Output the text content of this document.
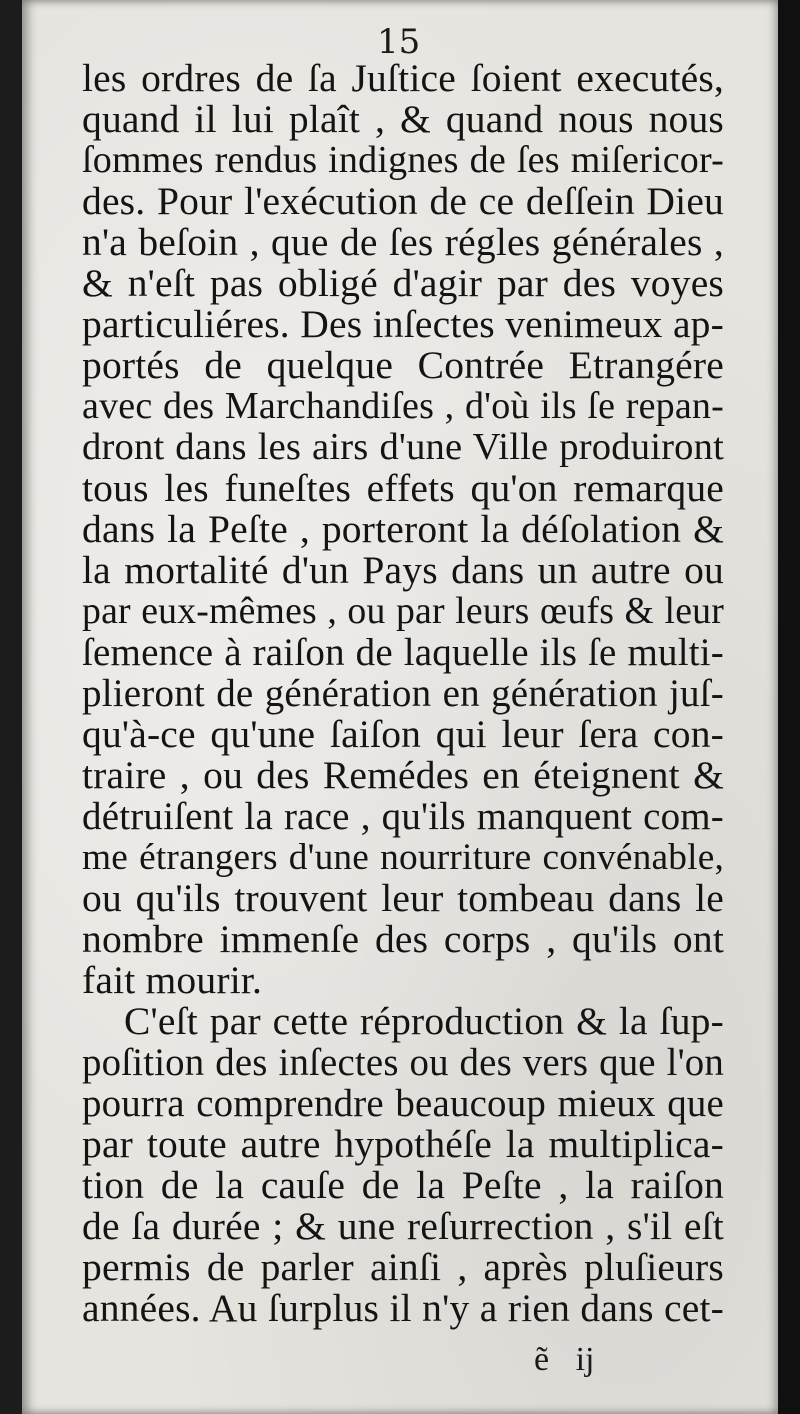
15
les ordres de ſa Juſtice ſoient executés,
quand il lui plaît , & quand nous nous
ſommes rendus indignes de ſes miſericor-
des. Pour l'exécution de ce deſſein Dieu
n'a beſoin , que de ſes régles générales ,
& n'eſt pas obligé d'agir par des voyes
particuliéres. Des inſectes venimeux ap-
portés de quelque Contrée Etrangére
avec des Marchandiſes , d'où ils ſe repan-
dront dans les airs d'une Ville produiront
tous les funeſtes effets qu'on remarque
dans la Peſte , porteront la déſolation &
la mortalité d'un Pays dans un autre ou
par eux-mêmes , ou par leurs œufs & leur
ſemence à raiſon de laquelle ils ſe multi-
plieront de génération en génération juſ-
qu'à-ce qu'une ſaiſon qui leur ſera con-
traire , ou des Remédes en éteignent &
détruiſent la race , qu'ils manquent com-
me étrangers d'une nourriture convénable,
ou qu'ils trouvent leur tombeau dans le
nombre immenſe des corps , qu'ils ont
fait mourir.
C'eſt par cette réproduction & la ſup-
poſition des inſectes ou des vers que l'on
pourra comprendre beaucoup mieux que
par toute autre hypothéſe la multiplica-
tion de la cauſe de la Peſte , la raiſon
de ſa durée ; & une reſurrection , s'il eſt
permis de parler ainſi , après pluſieurs
années. Au ſurplus il n'y a rien dans cet-
ẽ ij
